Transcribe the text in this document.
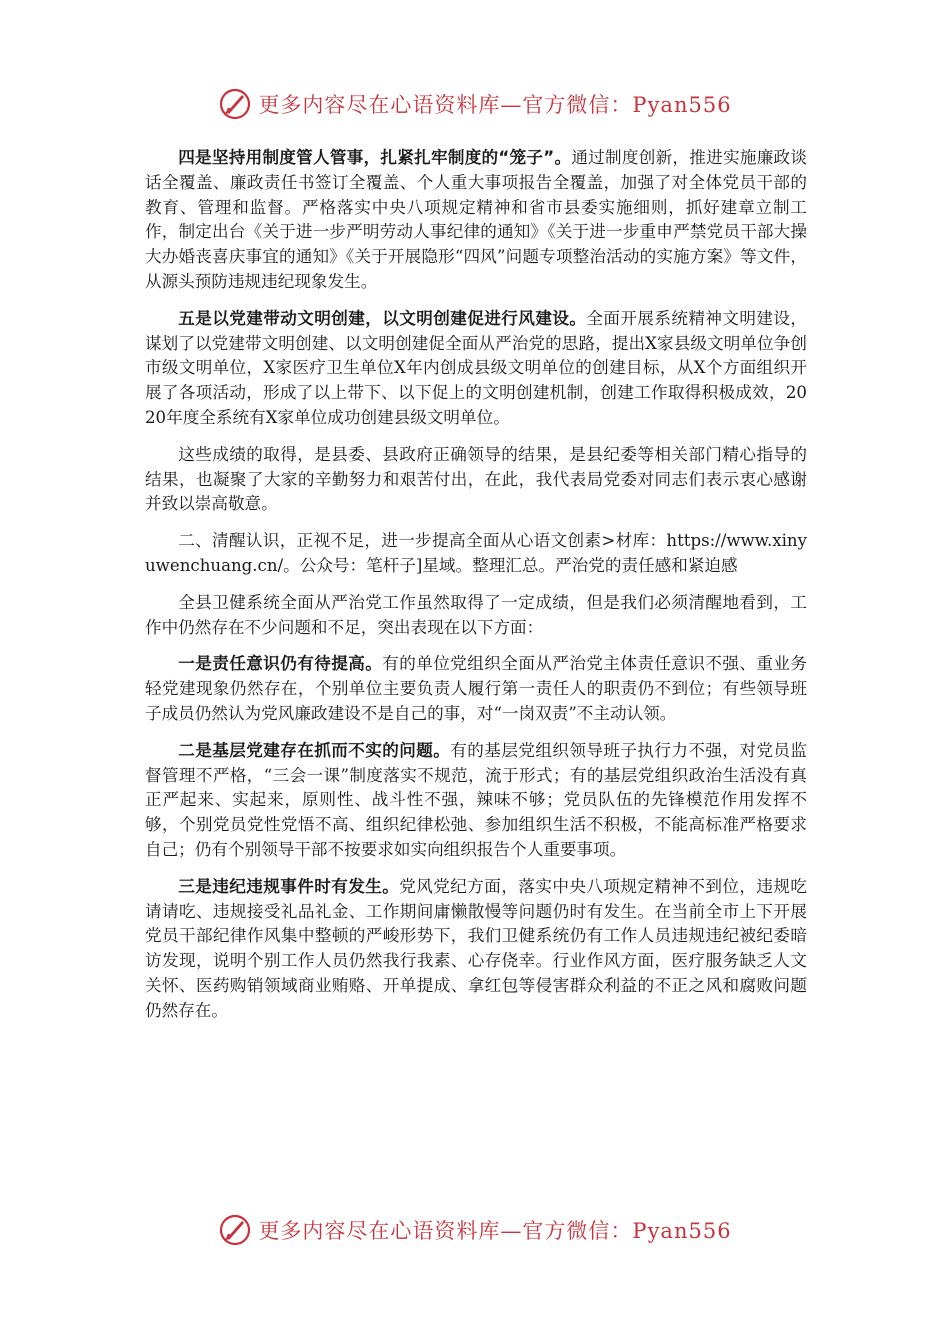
更多内容尽在心语资料库—官方微信：Pyan556

四是坚持用制度管人管事，扎紧扎牢制度的“笼子”。通过制度创新，推进实施廉政谈话全覆盖、廉政责任书签订全覆盖、个人重大事项报告全覆盖，加强了对全体党员干部的教育、管理和监督。严格落实中央八项规定精神和省市县委实施细则，抓好建章立制工作，制定出台《关于进一步严明劳动人事纪律的通知》《关于进一步重申严禁党员干部大操大办婚丧喜庆事宜的通知》《关于开展隐形“四风”问题专项整治活动的实施方案》等文件，从源头预防违规违纪现象发生。

五是以党建带动文明创建，以文明创建促进行风建设。全面开展系统精神文明建设，谋划了以党建带文明创建、以文明创建促全面从严治党的思路，提出X家县级文明单位争创市级文明单位，X家医疗卫生单位X年内创成县级文明单位的创建目标，从X个方面组织开展了各项活动，形成了以上带下、以下促上的文明创建机制，创建工作取得积极成效，2020年度全系统有X家单位成功创建县级文明单位。

这些成绩的取得，是县委、县政府正确领导的结果，是县纪委等相关部门精心指导的结果，也凝聚了大家的辛勤努力和艰苦付出，在此，我代表局党委对同志们表示衷心感谢并致以崇高敬意。

二、清醒认识，正视不足，进一步提高全面从心语文创素>材库：https://www.xinyuwenchuang.cn/。公众号：笔杆子]星域。整理汇总。严治党的责任感和紧迫感

全县卫健系统全面从严治党工作虽然取得了一定成绩，但是我们必须清醒地看到，工作中仍然存在不少问题和不足，突出表现在以下方面：

一是责任意识仍有待提高。有的单位党组织全面从严治党主体责任意识不强、重业务轻党建现象仍然存在，个别单位主要负责人履行第一责任人的职责仍不到位；有些领导班子成员仍然认为党风廉政建设不是自己的事，对“一岗双责”不主动认领。

二是基层党建存在抓而不实的问题。有的基层党组织领导班子执行力不强，对党员监督管理不严格，“三会一课”制度落实不规范，流于形式；有的基层党组织政治生活没有真正严起来、实起来，原则性、战斗性不强，辣味不够；党员队伍的先锋模范作用发挥不够，个别党员党性党悟不高、组织纪律松弛、参加组织生活不积极，不能高标准严格要求自己；仍有个别领导干部不按要求如实向组织报告个人重要事项。

三是违纪违规事件时有发生。党风党纪方面，落实中央八项规定精神不到位，违规吃请请吃、违规接受礼品礼金、工作期间庸懒散慢等问题仍时有发生。在当前全市上下开展党员干部纪律作风集中整顿的严峻形势下，我们卫健系统仍有工作人员违规违纪被纪委暗访发现，说明个别工作人员仍然我行我素、心存侥幸。行业作风方面，医疗服务缺乏人文关怀、医药购销领域商业贿赂、开单提成、拿红包等侵害群众利益的不正之风和腐败问题仍然存在。

更多内容尽在心语资料库—官方微信：Pyan556
